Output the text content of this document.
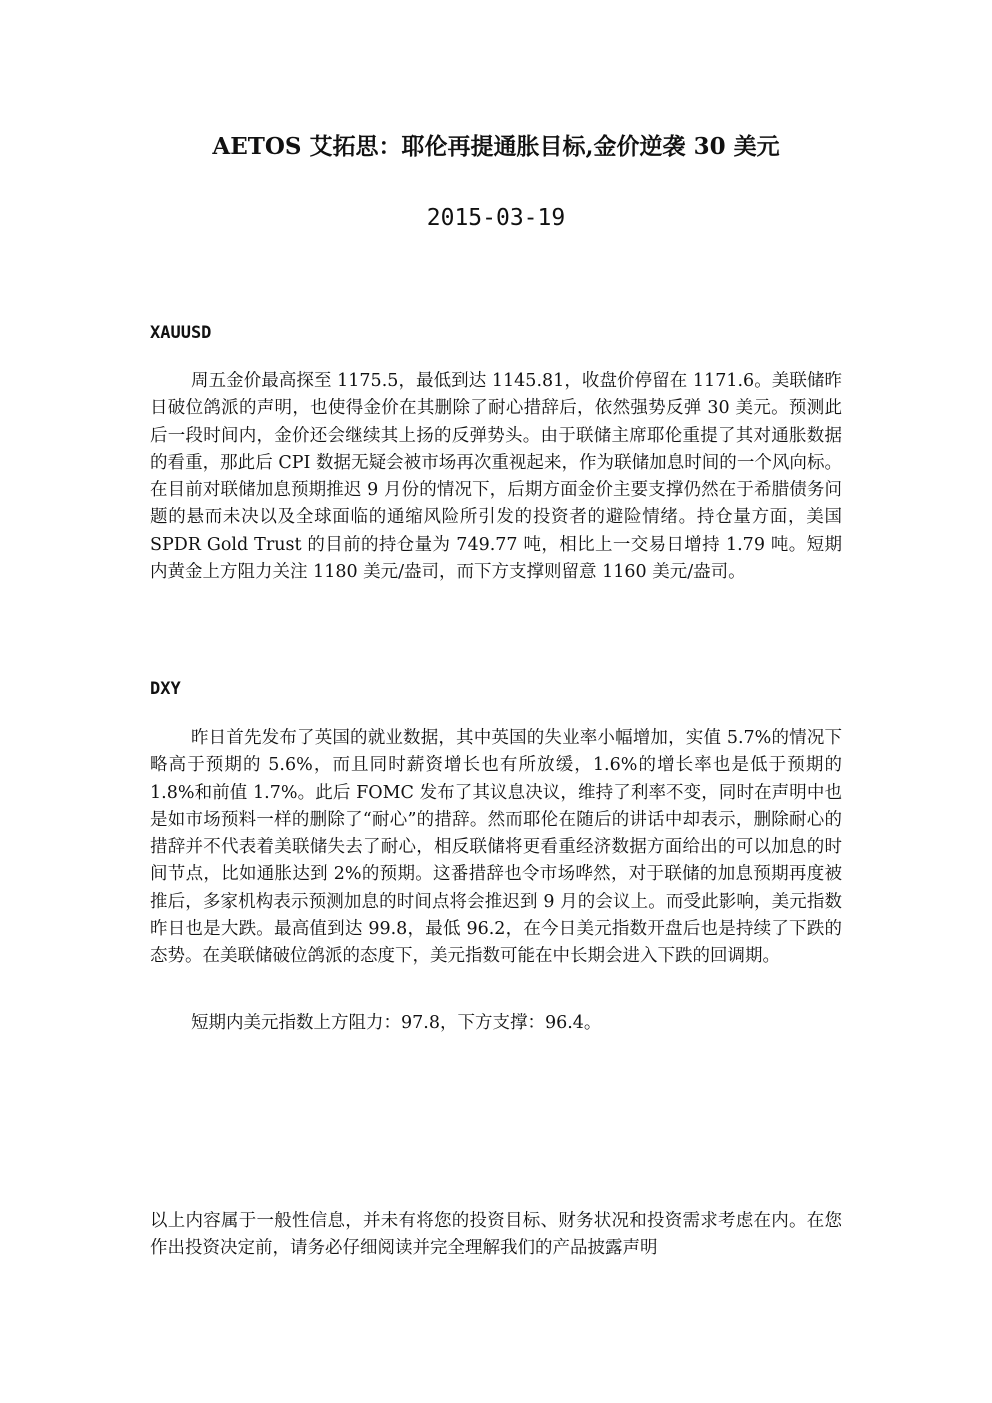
AETOS 艾拓思：耶伦再提通胀目标,金价逆袭 30 美元
2015-03-19
XAUUSD

周五金价最高探至 1175.5，最低到达 1145.81，收盘价停留在 1171.6。美联储昨日破位鸽派的声明，也使得金价在其删除了耐心措辞后，依然强势反弹 30 美元。预测此后一段时间内，金价还会继续其上扬的反弹势头。由于联储主席耶伦重提了其对通胀数据的看重，那此后 CPI 数据无疑会被市场再次重视起来，作为联储加息时间的一个风向标。在目前对联储加息预期推迟 9 月份的情况下，后期方面金价主要支撑仍然在于希腊债务问题的悬而未决以及全球面临的通缩风险所引发的投资者的避险情绪。持仓量方面，美国 SPDR Gold Trust 的目前的持仓量为 749.77 吨，相比上一交易日增持 1.79 吨。短期内黄金上方阻力关注 1180 美元/盎司，而下方支撑则留意 1160 美元/盎司。

DXY

昨日首先发布了英国的就业数据，其中英国的失业率小幅增加，实值 5.7%的情况下略高于预期的 5.6%，而且同时薪资增长也有所放缓，1.6%的增长率也是低于预期的 1.8%和前值 1.7%。此后 FOMC 发布了其议息决议，维持了利率不变，同时在声明中也是如市场预料一样的删除了“耐心”的措辞。然而耶伦在随后的讲话中却表示，删除耐心的措辞并不代表着美联储失去了耐心，相反联储将更看重经济数据方面给出的可以加息的时间节点，比如通胀达到 2%的预期。这番措辞也令市场哗然，对于联储的加息预期再度被推后，多家机构表示预测加息的时间点将会推迟到 9 月的会议上。而受此影响，美元指数昨日也是大跌。最高值到达 99.8，最低 96.2，在今日美元指数开盘后也是持续了下跌的态势。在美联储破位鸽派的态度下，美元指数可能在中长期会进入下跌的回调期。

短期内美元指数上方阻力：97.8，下方支撑：96.4。

以上内容属于一般性信息，并未有将您的投资目标、财务状况和投资需求考虑在内。在您作出投资决定前，请务必仔细阅读并完全理解我们的产品披露声明
